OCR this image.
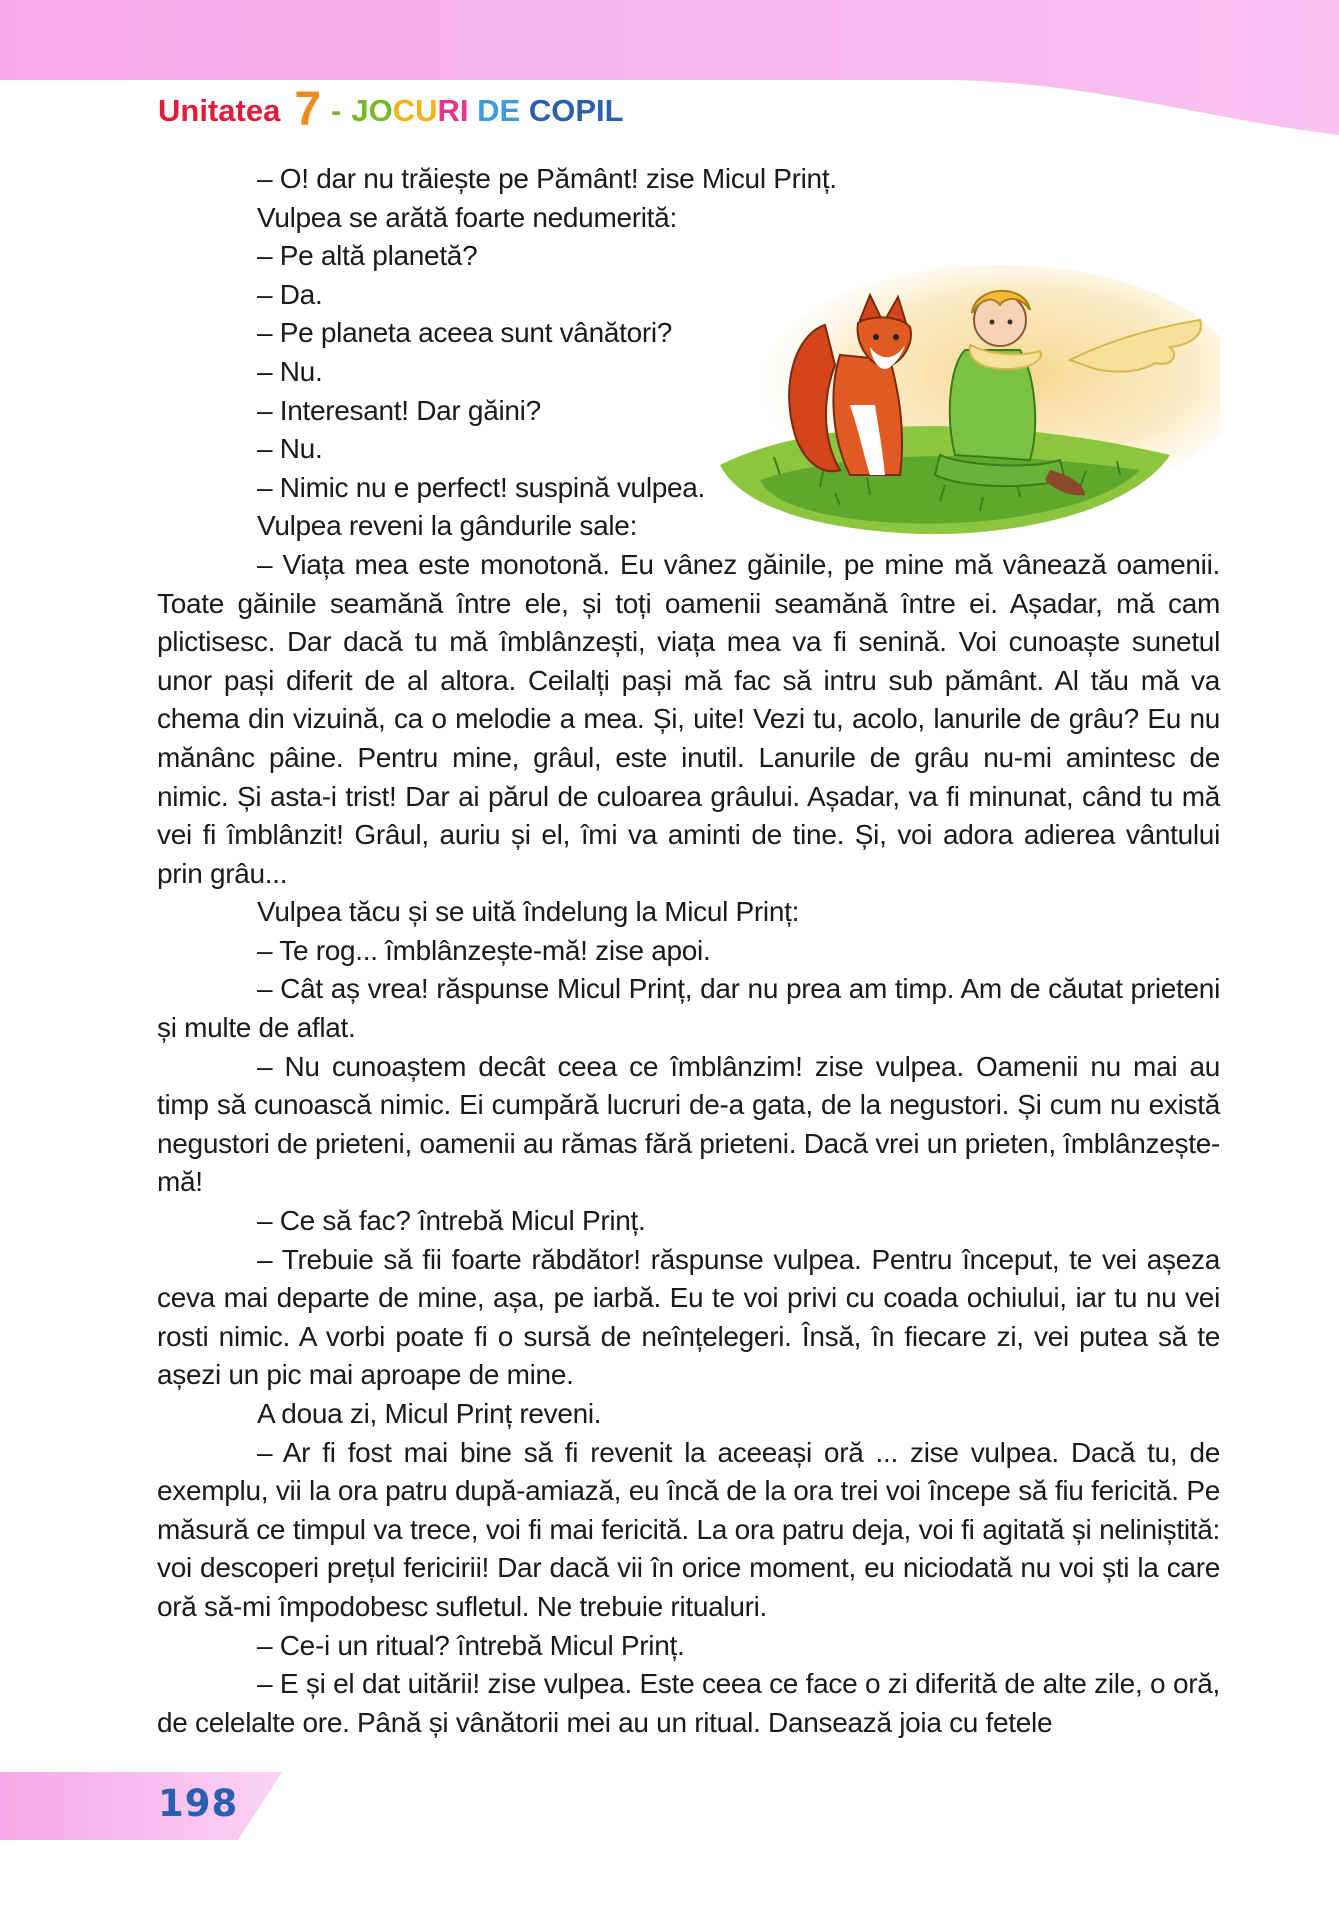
Unitatea 7 - JOCURI DE COPIL

– O! dar nu trăiește pe Pământ! zise Micul Prinț.

Vulpea se arătă foarte nedumerită:

– Pe altă planetă?

– Da.

– Pe planeta aceea sunt vânători?

– Nu.

– Interesant! Dar găini?

– Nu.

– Nimic nu e perfect! suspină vulpea.

Vulpea reveni la gândurile sale:

– Viața mea este monotonă. Eu vânez găinile, pe mine mă vânează oamenii. Toate găinile seamănă între ele, și toți oamenii seamănă între ei. Așadar, mă cam plictisesc. Dar dacă tu mă îmblânzești, viața mea va fi senină. Voi cunoaște sunetul unor pași diferit de al altora. Ceilalți pași mă fac să intru sub pământ. Al tău mă va chema din vizuină, ca o melodie a mea. Și, uite! Vezi tu, acolo, lanurile de grâu? Eu nu mănânc pâine. Pentru mine, grâul, este inutil. Lanurile de grâu nu-mi amintesc de nimic. Și asta-i trist! Dar ai părul de culoarea grâului. Așadar, va fi minunat, când tu mă vei fi îmblânzit! Grâul, auriu și el, îmi va aminti de tine. Și, voi adora adierea vântului prin grâu...

Vulpea tăcu și se uită îndelung la Micul Prinț:

– Te rog... îmblânzește-mă! zise apoi.

– Cât aș vrea! răspunse Micul Prinț, dar nu prea am timp. Am de căutat prieteni și multe de aflat.

– Nu cunoaștem decât ceea ce îmblânzim! zise vulpea. Oamenii nu mai au timp să cunoască nimic. Ei cumpără lucruri de-a gata, de la negustori. Și cum nu există negustori de prieteni, oamenii au rămas fără prieteni. Dacă vrei un prieten, îmblânzește-mă!

– Ce să fac? întrebă Micul Prinț.

– Trebuie să fii foarte răbdător! răspunse vulpea. Pentru început, te vei așeza ceva mai departe de mine, așa, pe iarbă. Eu te voi privi cu coada ochiului, iar tu nu vei rosti nimic. A vorbi poate fi o sursă de neînțelegeri. Însă, în fiecare zi, vei putea să te așezi un pic mai aproape de mine.

A doua zi, Micul Prinț reveni.

– Ar fi fost mai bine să fi revenit la aceeași oră ... zise vulpea. Dacă tu, de exemplu, vii la ora patru după-amiază, eu încă de la ora trei voi începe să fiu fericită. Pe măsură ce timpul va trece, voi fi mai fericită. La ora patru deja, voi fi agitată și neliniștită: voi descoperi prețul fericirii! Dar dacă vii în orice moment, eu niciodată nu voi ști la care oră să-mi împodobesc sufletul. Ne trebuie ritualuri.

– Ce-i un ritual? întrebă Micul Prinț.

– E și el dat uitării! zise vulpea. Este ceea ce face o zi diferită de alte zile, o oră, de celelalte ore. Până și vânătorii mei au un ritual. Dansează joia cu fetele

198
